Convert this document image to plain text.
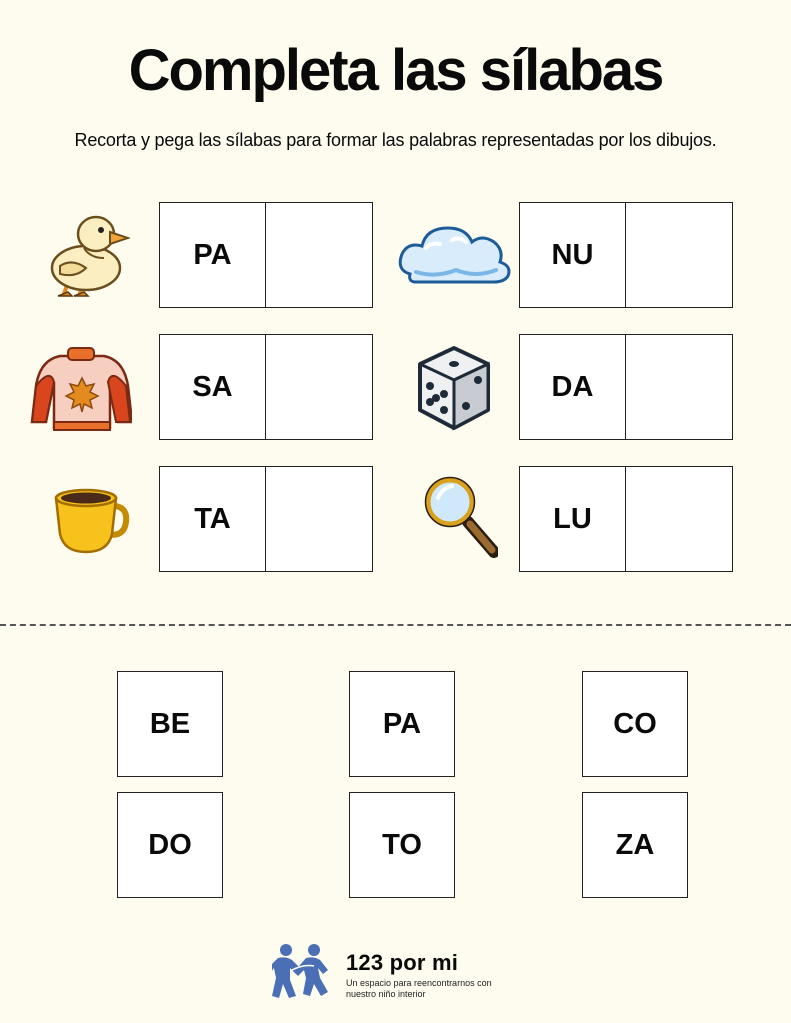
Completa las sílabas
Recorta y pega las sílabas para formar las palabras representadas por los dibujos.
PA	NU
SA	DA
TA	LU
BE	PA	CO
DO	TO	ZA
123 por mi
Un espacio para reencontrarnos con nuestro niño interior
